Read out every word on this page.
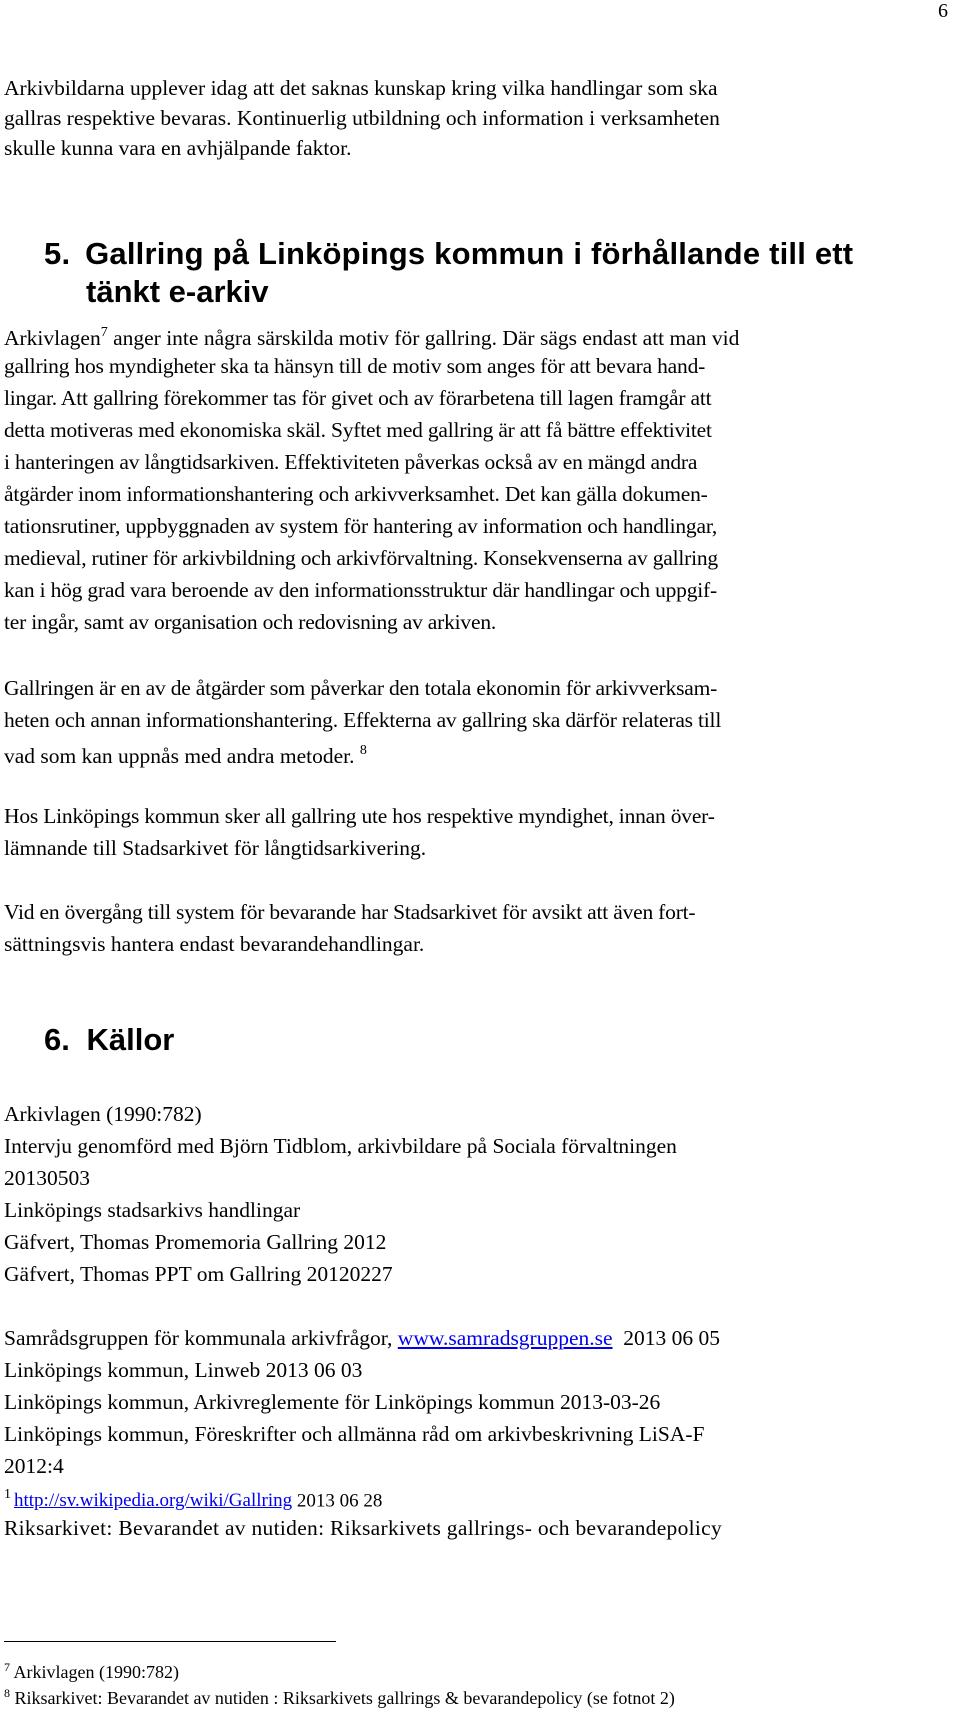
6
Arkivbildarna upplever idag att det saknas kunskap kring vilka handlingar som ska
gallras respektive bevaras. Kontinuerlig utbildning och information i verksamheten
skulle kunna vara en avhjälpande faktor.
5. Gallring på Linköpings kommun i förhållande till ett
tänkt e-arkiv
Arkivlagen$^7$ anger inte några särskilda motiv för gallring. Där sägs endast att man vid
gallring hos myndigheter ska ta hänsyn till de motiv som anges för att bevara hand-
lingar. Att gallring förekommer tas för givet och av förarbetena till lagen framgår att
detta motiveras med ekonomiska skäl. Syftet med gallring är att få bättre effektivitet
i hanteringen av långtidsarkiven. Effektiviteten påverkas också av en mängd andra
åtgärder inom informationshantering och arkivverksamhet. Det kan gälla dokumen-
tationsrutiner, uppbyggnaden av system för hantering av information och handlingar,
medieval, rutiner för arkivbildning och arkivförvaltning. Konsekvenserna av gallring
kan i hög grad vara beroende av den informationsstruktur där handlingar och uppgif-
ter ingår, samt av organisation och redovisning av arkiven.
Gallringen är en av de åtgärder som påverkar den totala ekonomin för arkivverksam-
heten och annan informationshantering. Effekterna av gallring ska därför relateras till
vad som kan uppnås med andra metoder. $^8$
Hos Linköpings kommun sker all gallring ute hos respektive myndighet, innan över-
lämnande till Stadsarkivet för långtidsarkivering.
Vid en övergång till system för bevarande har Stadsarkivet för avsikt att även fort-
sättningsvis hantera endast bevarandehandlingar.
6. Källor
Arkivlagen (1990:782)
Intervju genomförd med Björn Tidblom, arkivbildare på Sociala förvaltningen
20130503
Linköpings stadsarkivs handlingar
Gäfvert, Thomas Promemoria Gallring 2012
Gäfvert, Thomas PPT om Gallring 20120227
Samrådsgruppen för kommunala arkivfrågor, www.samradsgruppen.se  2013 06 05
Linköpings kommun, Linweb 2013 06 03
Linköpings kommun, Arkivreglemente för Linköpings kommun 2013-03-26
Linköpings kommun, Föreskrifter och allmänna råd om arkivbeskrivning LiSA-F
2012:4
$^1$ http://sv.wikipedia.org/wiki/Gallring 2013 06 28
Riksarkivet: Bevarandet av nutiden: Riksarkivets gallrings- och bevarandepolicy
$^7$ Arkivlagen (1990:782)
$^8$ Riksarkivet: Bevarandet av nutiden : Riksarkivets gallrings & bevarandepolicy (se fotnot 2)
